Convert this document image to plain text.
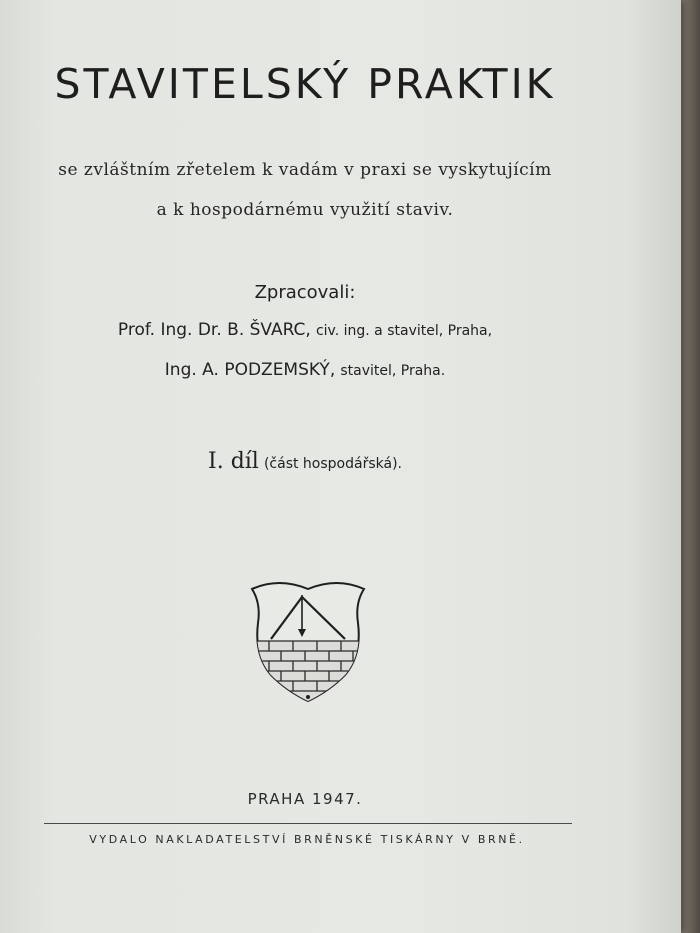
STAVITELSKÝ PRAKTIK
se zvláštním zřetelem k vadám v praxi se vyskytujícím
a k hospodárnému využití staviv.
Zpracovali:
Prof. Ing. Dr. B. ŠVARC, civ. ing. a stavitel, Praha,
Ing. A. PODZEMSKÝ, stavitel, Praha.
I. díl (část hospodářská).
PRAHA 1947.
VYDALO NAKLADATELSTVÍ BRNĚNSKÉ TISKÁRNY V BRNĚ.
